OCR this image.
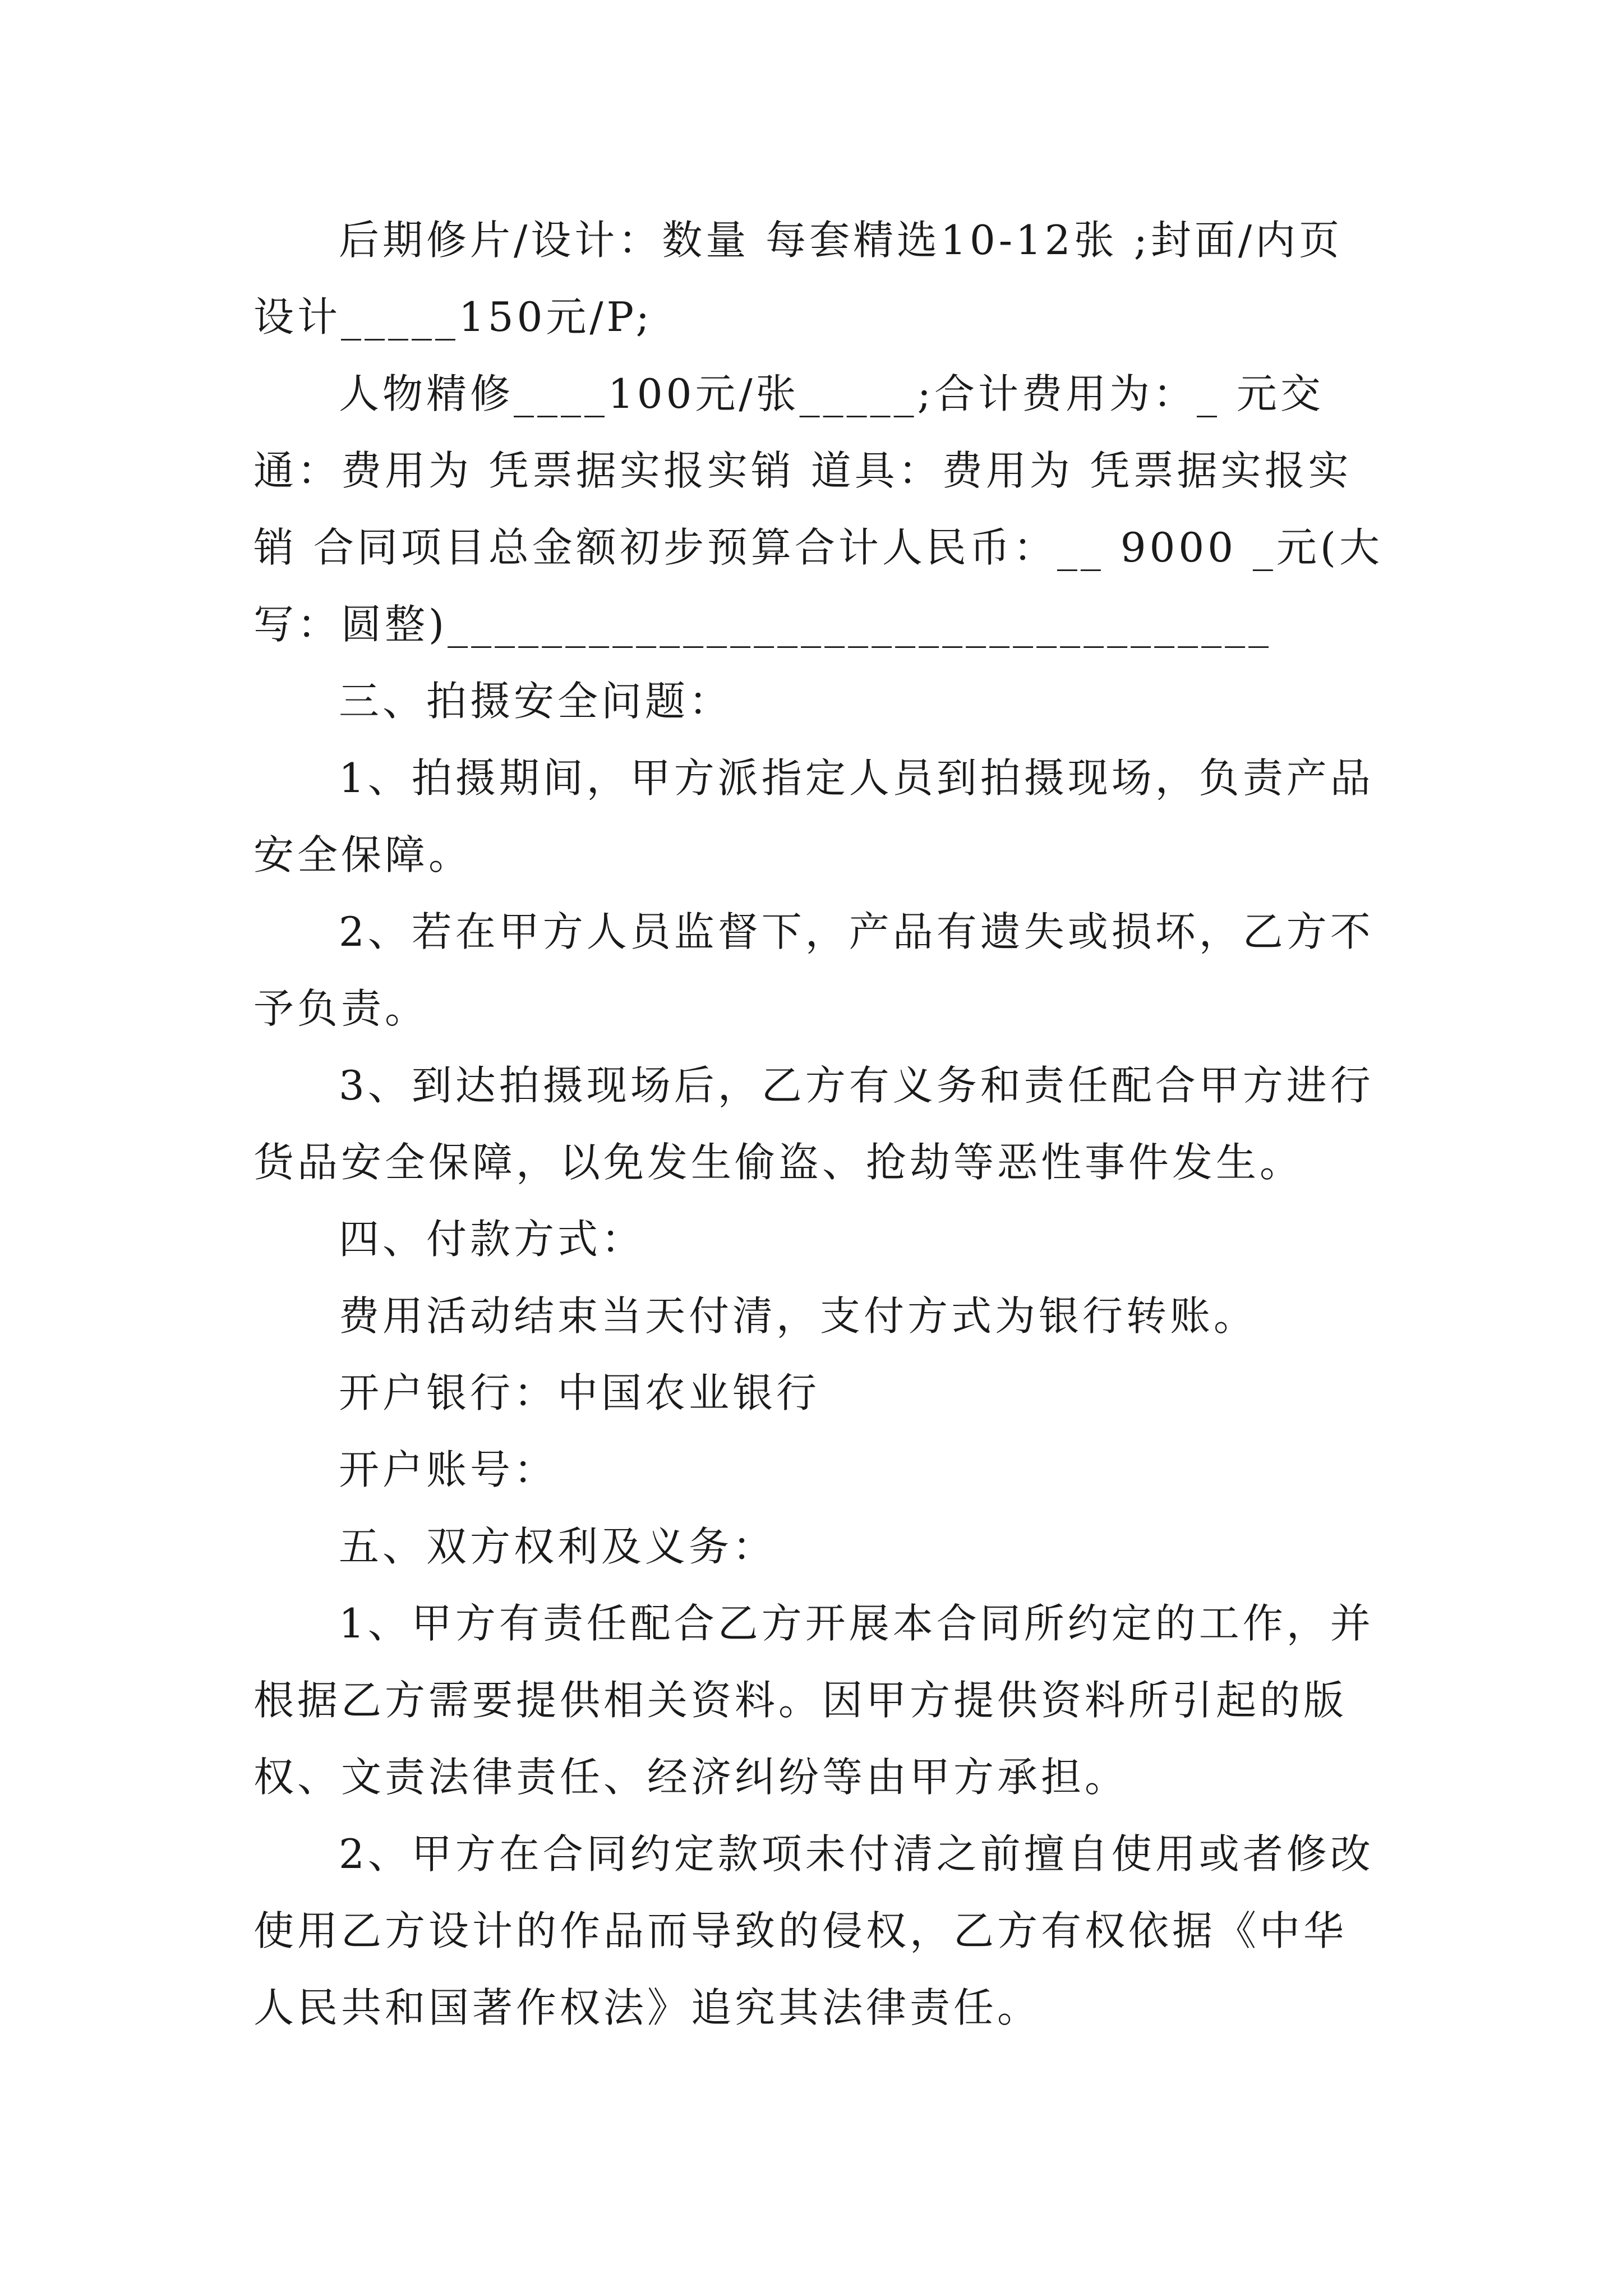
后期修片/设计：数量 每套精选10-12张 ;封面/内页设计_____150元/P;

人物精修____100元/张_____;合计费用为：_ 元交通：费用为 凭票据实报实销 道具：费用为 凭票据实报实销 合同项目总金额初步预算合计人民币：__ 9000 _元(大写：圆整)___________________________________

三、拍摄安全问题：

1、拍摄期间，甲方派指定人员到拍摄现场，负责产品安全保障。

2、若在甲方人员监督下，产品有遗失或损坏，乙方不予负责。

3、到达拍摄现场后，乙方有义务和责任配合甲方进行货品安全保障，以免发生偷盗、抢劫等恶性事件发生。

四、付款方式：

费用活动结束当天付清，支付方式为银行转账。

开户银行：中国农业银行

开户账号：

五、双方权利及义务：

1、甲方有责任配合乙方开展本合同所约定的工作，并根据乙方需要提供相关资料。因甲方提供资料所引起的版权、文责法律责任、经济纠纷等由甲方承担。

2、甲方在合同约定款项未付清之前擅自使用或者修改使用乙方设计的作品而导致的侵权，乙方有权依据《中华人民共和国著作权法》追究其法律责任。
